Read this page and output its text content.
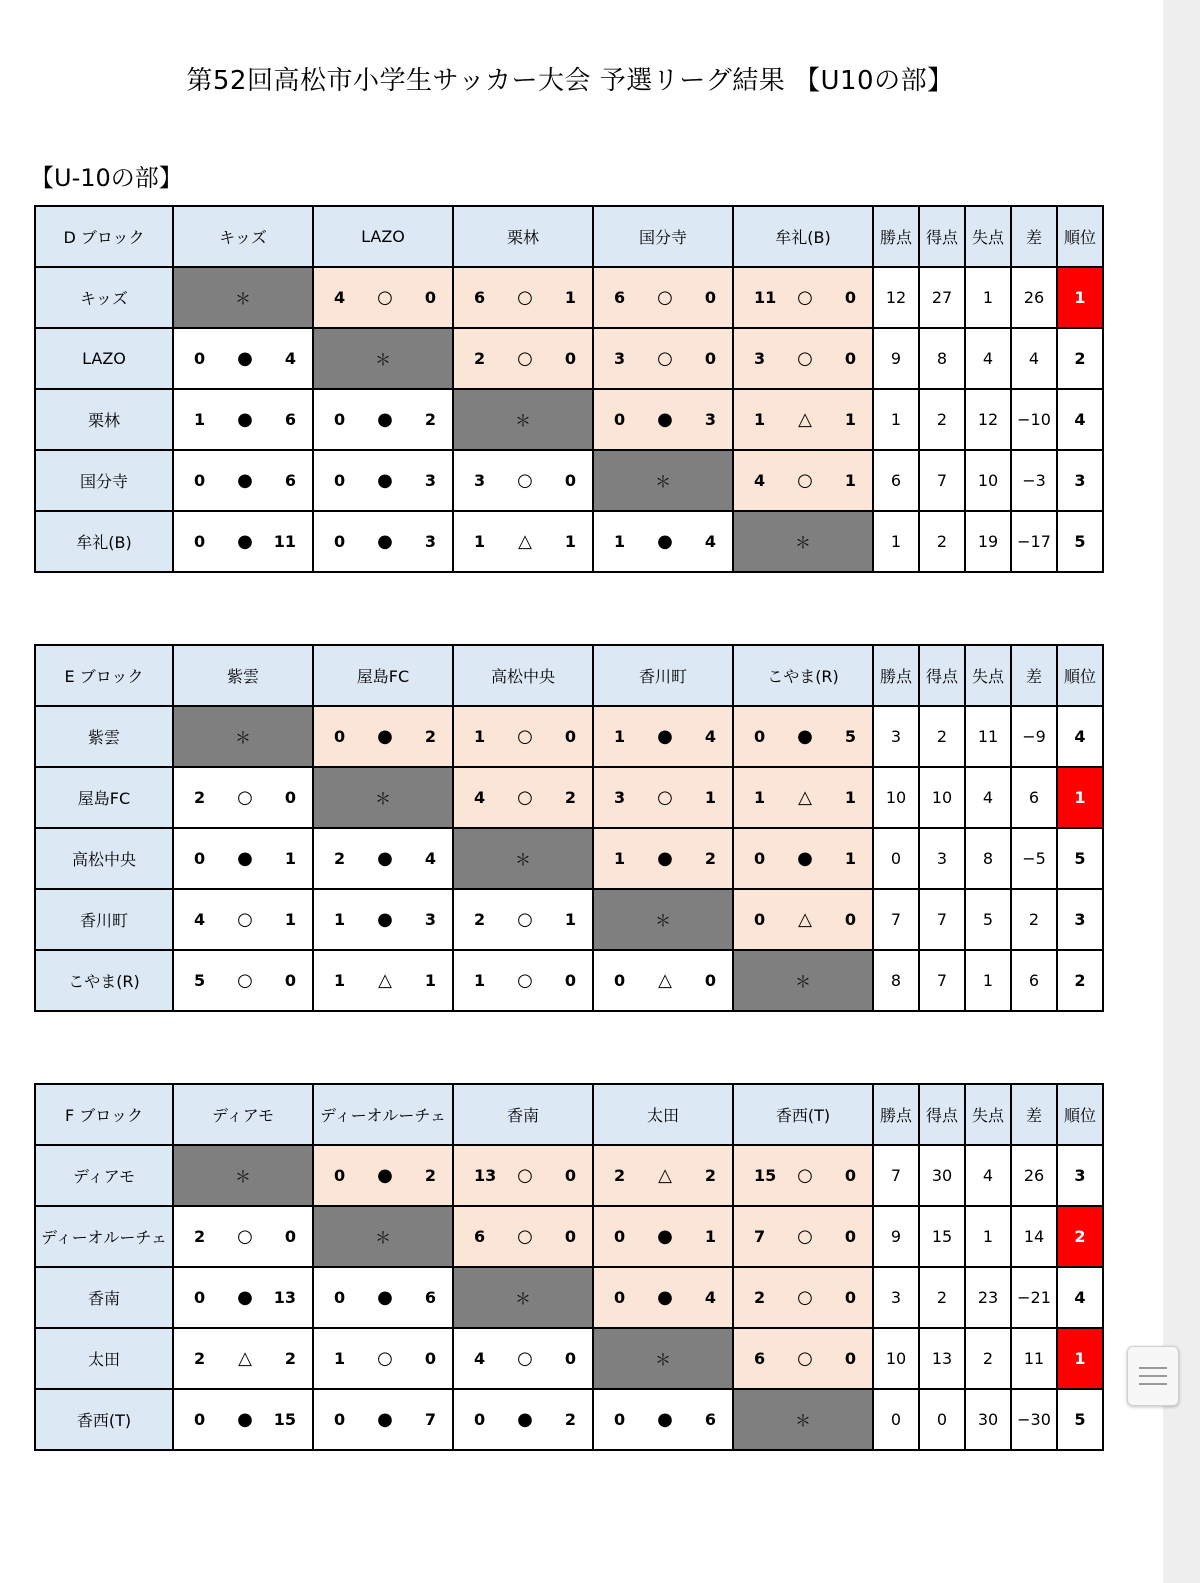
第52回高松市小学生サッカー大会 予選リーグ結果 【U10の部】
【U-10の部】
D ブロック	キッズ	LAZO	栗林	国分寺	牟礼(B)	勝点	得点	失点	差	順位
キッズ	＊	4 ○ 0	6 ○ 1	6 ○ 0	11 ○ 0	12	27	1	26	1
LAZO	0 ● 4	＊	2 ○ 0	3 ○ 0	3 ○ 0	9	8	4	4	2
栗林	1 ● 6	0 ● 2	＊	0 ● 3	1 △ 1	1	2	12	−10	4
国分寺	0 ● 6	0 ● 3	3 ○ 0	＊	4 ○ 1	6	7	10	−3	3
牟礼(B)	0 ● 11	0 ● 3	1 △ 1	1 ● 4	＊	1	2	19	−17	5
E ブロック	紫雲	屋島FC	高松中央	香川町	こやま(R)	勝点	得点	失点	差	順位
紫雲	＊	0 ● 2	1 ○ 0	1 ● 4	0 ● 5	3	2	11	−9	4
屋島FC	2 ○ 0	＊	4 ○ 2	3 ○ 1	1 △ 1	10	10	4	6	1
高松中央	0 ● 1	2 ● 4	＊	1 ● 2	0 ● 1	0	3	8	−5	5
香川町	4 ○ 1	1 ● 3	2 ○ 1	＊	0 △ 0	7	7	5	2	3
こやま(R)	5 ○ 0	1 △ 1	1 ○ 0	0 △ 0	＊	8	7	1	6	2
F ブロック	ディアモ	ディーオルーチェ	香南	太田	香西(T)	勝点	得点	失点	差	順位
ディアモ	＊	0 ● 2	13 ○ 0	2 △ 2	15 ○ 0	7	30	4	26	3
ディーオルーチェ	2 ○ 0	＊	6 ○ 0	0 ● 1	7 ○ 0	9	15	1	14	2
香南	0 ● 13	0 ● 6	＊	0 ● 4	2 ○ 0	3	2	23	−21	4
太田	2 △ 2	1 ○ 0	4 ○ 0	＊	6 ○ 0	10	13	2	11	1
香西(T)	0 ● 15	0 ● 7	0 ● 2	0 ● 6	＊	0	0	30	−30	5
